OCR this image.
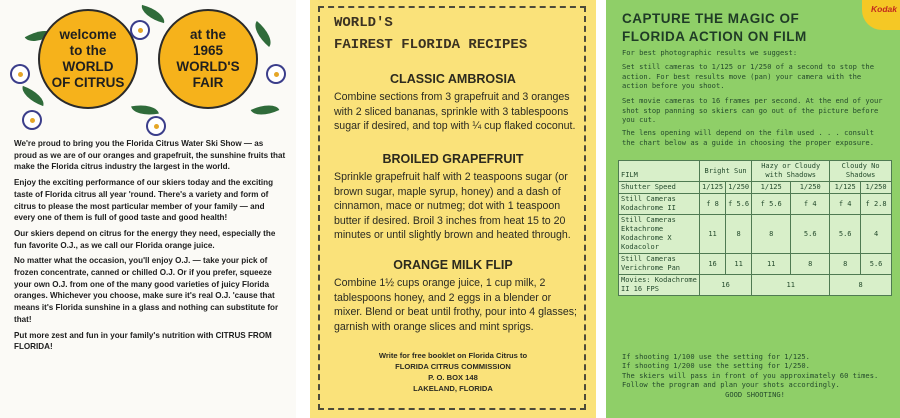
welcome
to the
WORLD
OF CITRUS
at the
1965
WORLD'S
FAIR

We're proud to bring you the Florida Citrus Water Ski Show — as proud as we are of our oranges and grapefruit, the sunshine fruits that make the Florida citrus industry the largest in the world.

Enjoy the exciting performance of our skiers today and the exciting taste of Florida citrus all year 'round. There's a variety and form of citrus to please the most particular member of your family — and every one of them is full of good taste and good health!

Our skiers depend on citrus for the energy they need, especially the fun favorite O.J., as we call our Florida orange juice.

No matter what the occasion, you'll enjoy O.J. — take your pick of frozen concentrate, canned or chilled O.J. Or if you prefer, squeeze your own O.J. from one of the many good varieties of juicy Florida oranges. Whichever you choose, make sure it's real O.J. 'cause that means it's Florida sunshine in a glass and nothing can substitute for that!

Put more zest and fun in your family's nutrition with CITRUS FROM FLORIDA!

WORLD'S
FAIREST FLORIDA RECIPES
CLASSIC AMBROSIA
Combine sections from 3 grapefruit and 3 oranges with 2 sliced bananas, sprinkle with 3 tablespoons sugar if desired, and top with ¼ cup flaked coconut.
BROILED GRAPEFRUIT
Sprinkle grapefruit half with 2 teaspoons sugar (or brown sugar, maple syrup, honey) and a dash of cinnamon, mace or nutmeg; dot with 1 teaspoon butter if desired. Broil 3 inches from heat 15 to 20 minutes or until slightly brown and heated through.
ORANGE MILK FLIP
Combine 1½ cups orange juice, 1 cup milk, 2 tablespoons honey, and 2 eggs in a blender or mixer. Blend or beat until frothy, pour into 4 glasses; garnish with orange slices and mint sprigs.
Write for free booklet on Florida Citrus to
FLORIDA CITRUS COMMISSION
P. O. BOX 148
LAKELAND, FLORIDA
Kodak
CAPTURE THE MAGIC OF
FLORIDA ACTION ON FILM
For best photographic results we suggest:
Set still cameras to 1/125 or 1/250 of a second to stop the action. For best results move (pan) your camera with the action before you shoot.
Set movie cameras to 16 frames per second. At the end of your shot stop panning so skiers can go out of the picture before you cut.
The lens opening will depend on the film used . . . consult the chart below as a guide in choosing the proper exposure.
FILM	Bright Sun		Hazy or Cloudy with Shadows		Cloudy No Shadows	
Shutter Speed	1/125	1/250	1/125	1/250	1/125	1/250
Still Cameras Kodachrome II	f 8	f 5.6	f 5.6	f 4	f 4	f 2.8
Still Cameras Ektachrome Kodachrome X Kodacolor	11	8	8	5.6	5.6	4
Still Cameras Verichrome Pan	16	11	11	8	8	5.6
Movies: Kodachrome II 16 FPS	16		11		8	
If shooting 1/100 use the setting for 1/125.
If shooting 1/200 use the setting for 1/250.
The skiers will pass in front of you approximately 60 times.
Follow the program and plan your shots accordingly.
GOOD SHOOTING!
